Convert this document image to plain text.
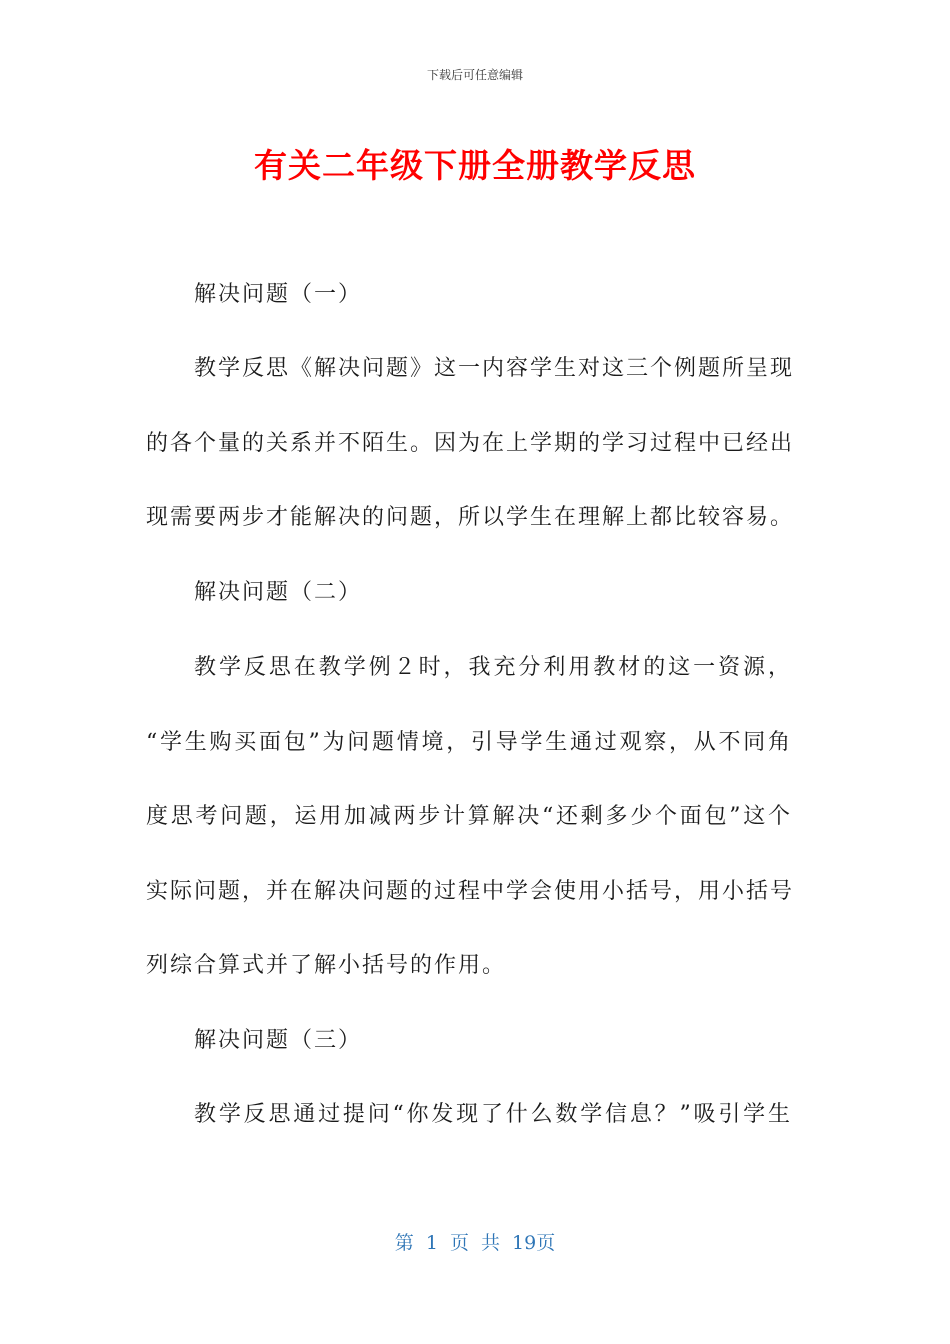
下载后可任意编辑
有关二年级下册全册教学反思
解决问题（一）
教学反思《解决问题》这一内容学生对这三个例题所呈现
的各个量的关系并不陌生。因为在上学期的学习过程中已经出
现需要两步才能解决的问题，所以学生在理解上都比较容易。
解决问题（二）
教学反思在教学例２时，我充分利用教材的这一资源，
“学生购买面包”为问题情境，引导学生通过观察，从不同角
度思考问题，运用加减两步计算解决“还剩多少个面包”这个
实际问题，并在解决问题的过程中学会使用小括号，用小括号
列综合算式并了解小括号的作用。
解决问题（三）
教学反思通过提问“你发现了什么数学信息？”吸引学生
第 1 页 共 19页
